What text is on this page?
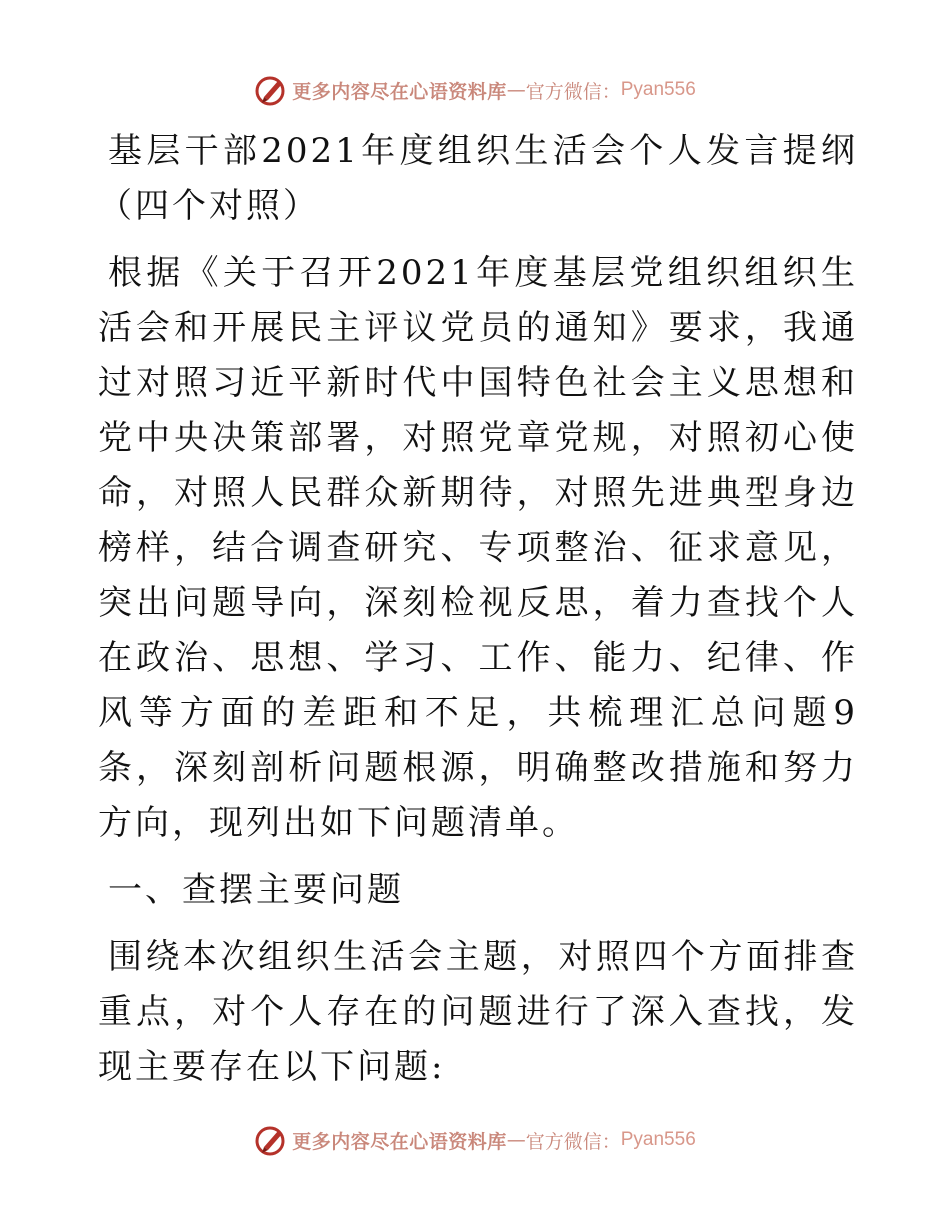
更多内容尽在心语资料库 — 官方微信： Pyan556

基层干部2021年度组织生活会个人发言提纲（四个对照）

根据《关于召开2021年度基层党组织组织生活会和开展民主评议党员的通知》要求，我通过对照习近平新时代中国特色社会主义思想和党中央决策部署，对照党章党规，对照初心使命，对照人民群众新期待，对照先进典型身边榜样，结合调查研究、专项整治、征求意见，突出问题导向，深刻检视反思，着力查找个人在政治、思想、学习、工作、能力、纪律、作风等方面的差距和不足，共梳理汇总问题9条，深刻剖析问题根源，明确整改措施和努力方向，现列出如下问题清单。

一、查摆主要问题

围绕本次组织生活会主题，对照四个方面排查重点，对个人存在的问题进行了深入查找，发现主要存在以下问题:

更多内容尽在心语资料库 — 官方微信： Pyan556
